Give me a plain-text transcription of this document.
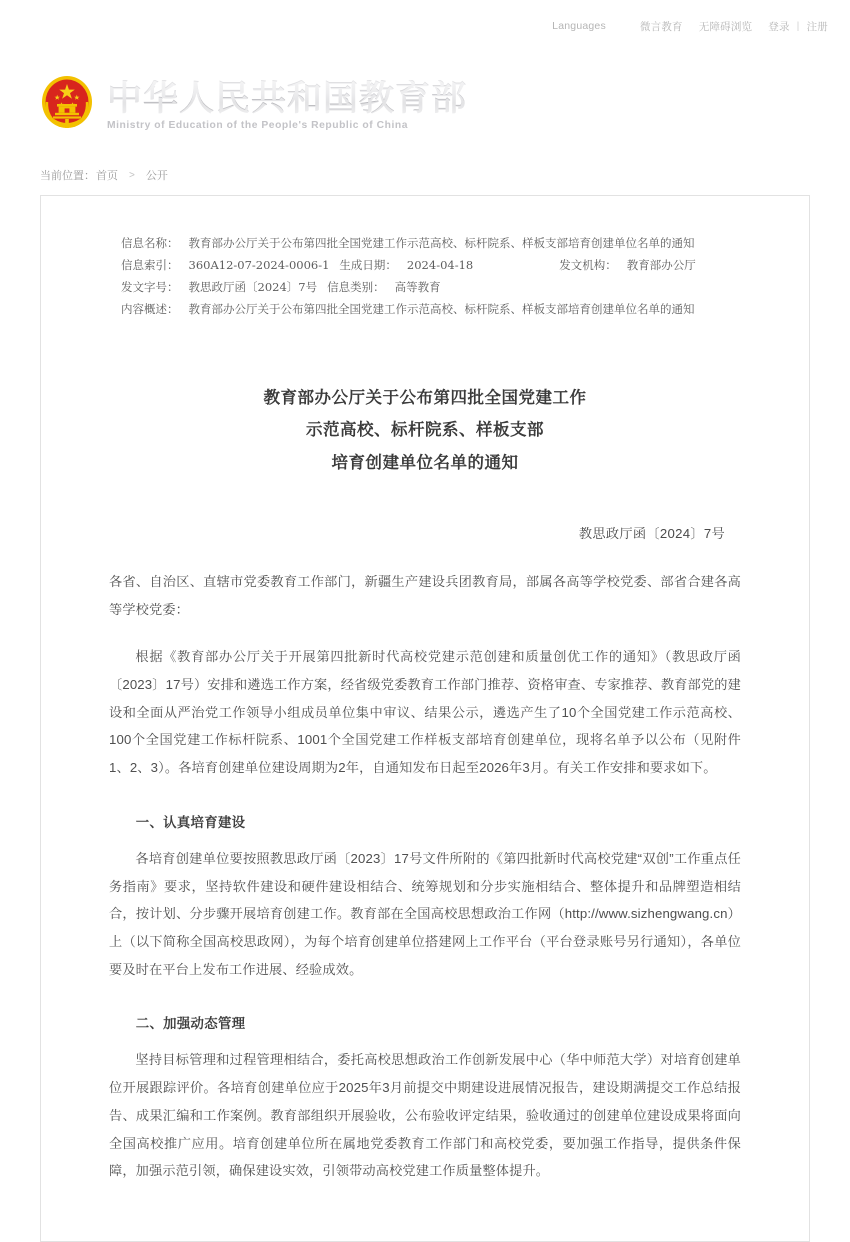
Languages	微言教育 无障碍浏览 登录 | 注册
中华人民共和国教育部
Ministry of Education of the People's Republic of China
当前位置： 首页 > 公开
信息名称： 教育部办公厅关于公布第四批全国党建工作示范高校、标杆院系、样板支部培育创建单位名单的通知
信息索引： 360A12-07-2024-0006-1 生成日期： 2024-04-18	发文机构： 教育部办公厅
发文字号： 教思政厅函〔2024〕7号 信息类别： 高等教育
内容概述： 教育部办公厅关于公布第四批全国党建工作示范高校、标杆院系、样板支部培育创建单位名单的通知
教育部办公厅关于公布第四批全国党建工作
示范高校、标杆院系、样板支部
培育创建单位名单的通知
教思政厅函〔2024〕7号

各省、自治区、直辖市党委教育工作部门，新疆生产建设兵团教育局，部属各高等学校党委、部省合建各高等学校党委：

根据《教育部办公厅关于开展第四批新时代高校党建示范创建和质量创优工作的通知》（教思政厅函〔2023〕17号）安排和遴选工作方案，经省级党委教育工作部门推荐、资格审查、专家推荐、教育部党的建设和全面从严治党工作领导小组成员单位集中审议、结果公示，遴选产生了10个全国党建工作示范高校、100个全国党建工作标杆院系、1001个全国党建工作样板支部培育创建单位，现将名单予以公布（见附件1、2、3）。各培育创建单位建设周期为2年，自通知发布日起至2026年3月。有关工作安排和要求如下。

一、认真培育建设

各培育创建单位要按照教思政厅函〔2023〕17号文件所附的《第四批新时代高校党建“双创”工作重点任务指南》要求，坚持软件建设和硬件建设相结合、统筹规划和分步实施相结合、整体提升和品牌塑造相结合，按计划、分步骤开展培育创建工作。教育部在全国高校思想政治工作网（http://www.sizhengwang.cn）上（以下简称全国高校思政网），为每个培育创建单位搭建网上工作平台（平台登录账号另行通知），各单位要及时在平台上发布工作进展、经验成效。

二、加强动态管理

坚持目标管理和过程管理相结合，委托高校思想政治工作创新发展中心（华中师范大学）对培育创建单位开展跟踪评价。各培育创建单位应于2025年3月前提交中期建设进展情况报告，建设期满提交工作总结报告、成果汇编和工作案例。教育部组织开展验收，公布验收评定结果，验收通过的创建单位建设成果将面向全国高校推广应用。培育创建单位所在属地党委教育工作部门和高校党委，要加强工作指导，提供条件保障，加强示范引领，确保建设实效，引领带动高校党建工作质量整体提升。
